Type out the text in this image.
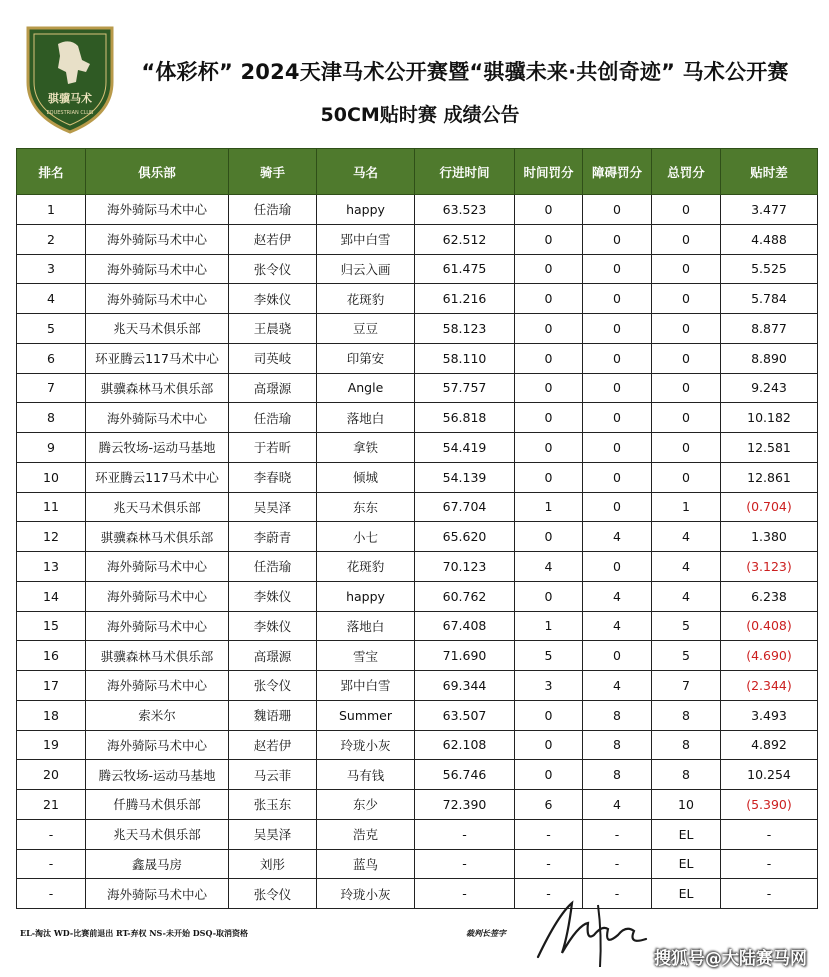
骐骥马术
EQUESTRIAN CLUB
“体彩杯” 2024天津马术公开赛暨“骐骥未来·共创奇迹” 马术公开赛
50CM贴时赛 成绩公告
排名	俱乐部	骑手	马名	行进时间	时间罚分	障碍罚分	总罚分	贴时差
1	海外骑际马术中心	任浩瑜	happy	63.523	0	0	0	3.477
2	海外骑际马术中心	赵若伊	郢中白雪	62.512	0	0	0	4.488
3	海外骑际马术中心	张令仪	归云入画	61.475	0	0	0	5.525
4	海外骑际马术中心	李姝仪	花斑豹	61.216	0	0	0	5.784
5	兆天马术俱乐部	王晨骁	豆豆	58.123	0	0	0	8.877
6	环亚腾云117马术中心	司英岐	印第安	58.110	0	0	0	8.890
7	骐骥森林马术俱乐部	高璟源	Angle	57.757	0	0	0	9.243
8	海外骑际马术中心	任浩瑜	落地白	56.818	0	0	0	10.182
9	腾云牧场-运动马基地	于若昕	拿铁	54.419	0	0	0	12.581
10	环亚腾云117马术中心	李春晓	倾城	54.139	0	0	0	12.861
11	兆天马术俱乐部	吴昊泽	东东	67.704	1	0	1	(0.704)
12	骐骥森林马术俱乐部	李蔚青	小七	65.620	0	4	4	1.380
13	海外骑际马术中心	任浩瑜	花斑豹	70.123	4	0	4	(3.123)
14	海外骑际马术中心	李姝仪	happy	60.762	0	4	4	6.238
15	海外骑际马术中心	李姝仪	落地白	67.408	1	4	5	(0.408)
16	骐骥森林马术俱乐部	高璟源	雪宝	71.690	5	0	5	(4.690)
17	海外骑际马术中心	张令仪	郢中白雪	69.344	3	4	7	(2.344)
18	索米尔	魏语珊	Summer	63.507	0	8	8	3.493
19	海外骑际马术中心	赵若伊	玲珑小灰	62.108	0	8	8	4.892
20	腾云牧场-运动马基地	马云菲	马有钱	56.746	0	8	8	10.254
21	仟腾马术俱乐部	张玉东	东少	72.390	6	4	10	(5.390)
-	兆天马术俱乐部	吴昊泽	浩克	-	-	-	EL	-
-	鑫晟马房	刘彤	蓝鸟	-	-	-	EL	-
-	海外骑际马术中心	张令仪	玲珑小灰	-	-	-	EL	-
EL-淘汰 WD-比赛前退出 RT-弃权 NS-未开始 DSQ-取消资格	裁判长签字
搜狐号@大陆赛马网
